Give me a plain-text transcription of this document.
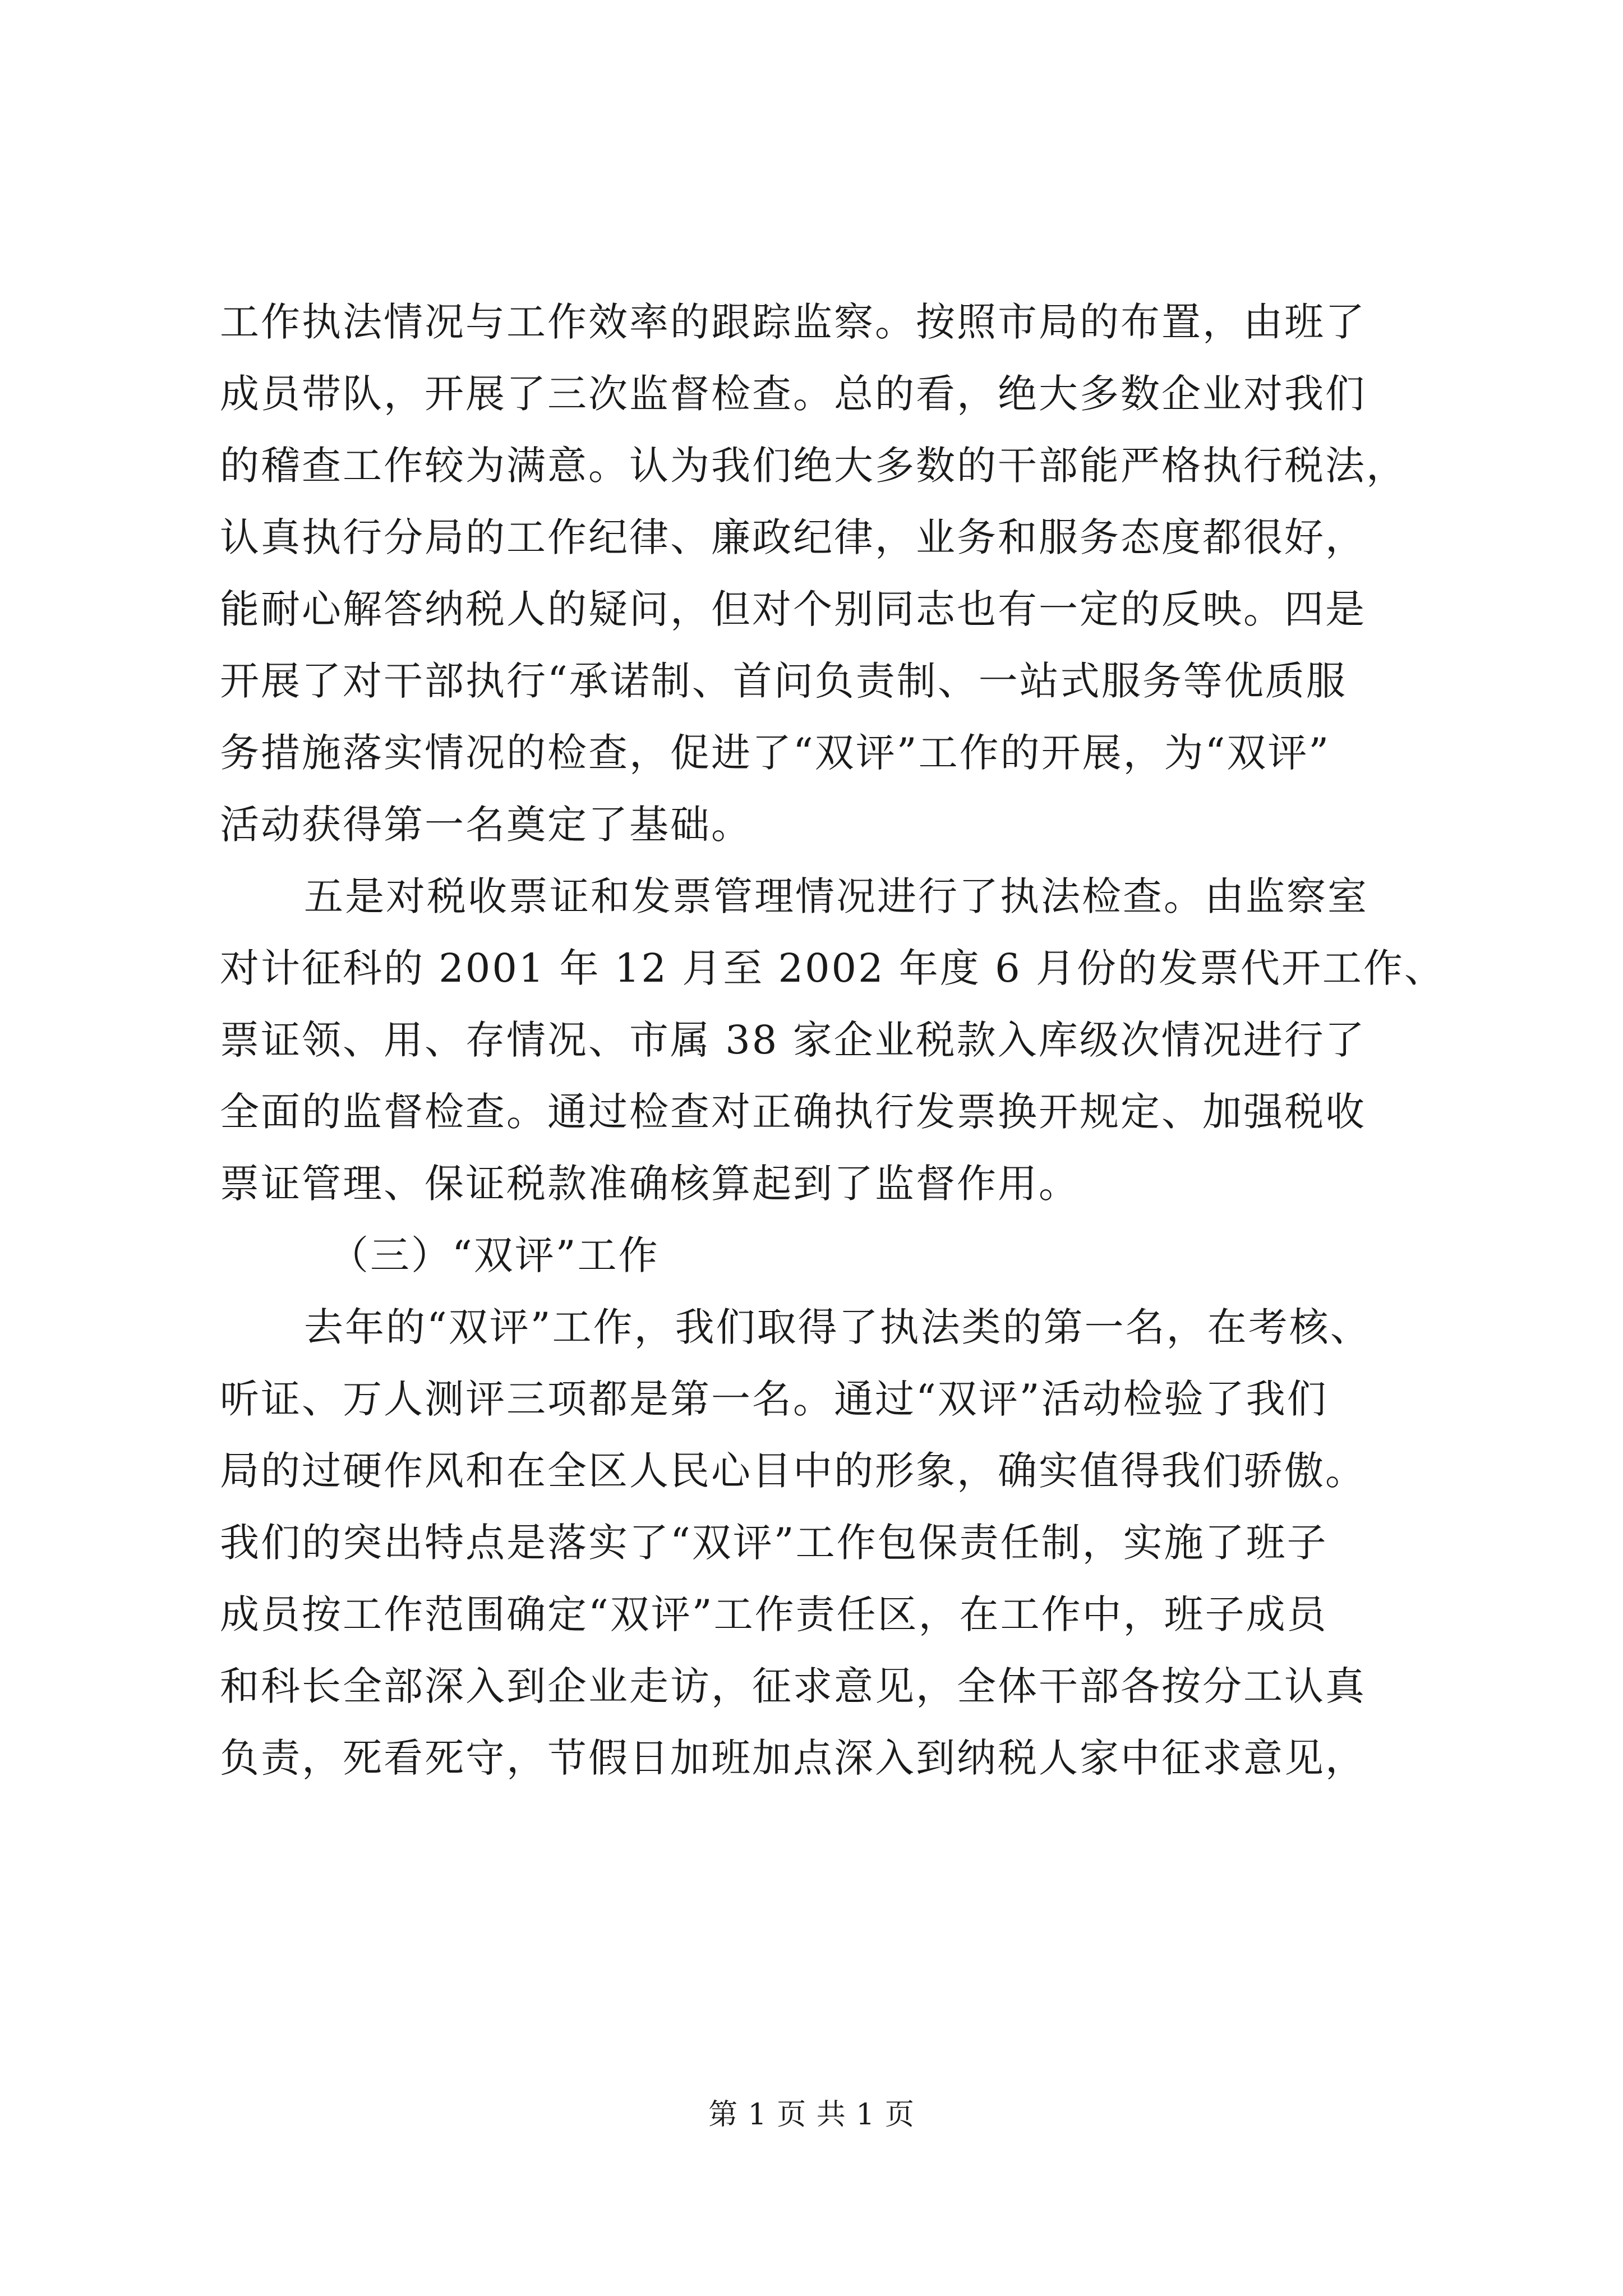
工作执法情况与工作效率的跟踪监察。按照市局的布置，由班了
成员带队，开展了三次监督检查。总的看，绝大多数企业对我们
的稽查工作较为满意。认为我们绝大多数的干部能严格执行税法，
认真执行分局的工作纪律、廉政纪律，业务和服务态度都很好，
能耐心解答纳税人的疑问，但对个别同志也有一定的反映。四是
开展了对干部执行“承诺制、首问负责制、一站式服务等优质服
务措施落实情况的检查，促进了“双评”工作的开展，为“双评”
活动获得第一名奠定了基础。
五是对税收票证和发票管理情况进行了执法检查。由监察室
对计征科的 2001 年 12 月至 2002 年度 6 月份的发票代开工作、
票证领、用、存情况、市属 38 家企业税款入库级次情况进行了
全面的监督检查。通过检查对正确执行发票换开规定、加强税收
票证管理、保证税款准确核算起到了监督作用。
（三）“双评”工作
去年的“双评”工作，我们取得了执法类的第一名，在考核、
听证、万人测评三项都是第一名。通过“双评”活动检验了我们
局的过硬作风和在全区人民心目中的形象，确实值得我们骄傲。
我们的突出特点是落实了“双评”工作包保责任制，实施了班子
成员按工作范围确定“双评”工作责任区，在工作中，班子成员
和科长全部深入到企业走访，征求意见，全体干部各按分工认真
负责，死看死守，节假日加班加点深入到纳税人家中征求意见，
第 1 页 共 1 页
